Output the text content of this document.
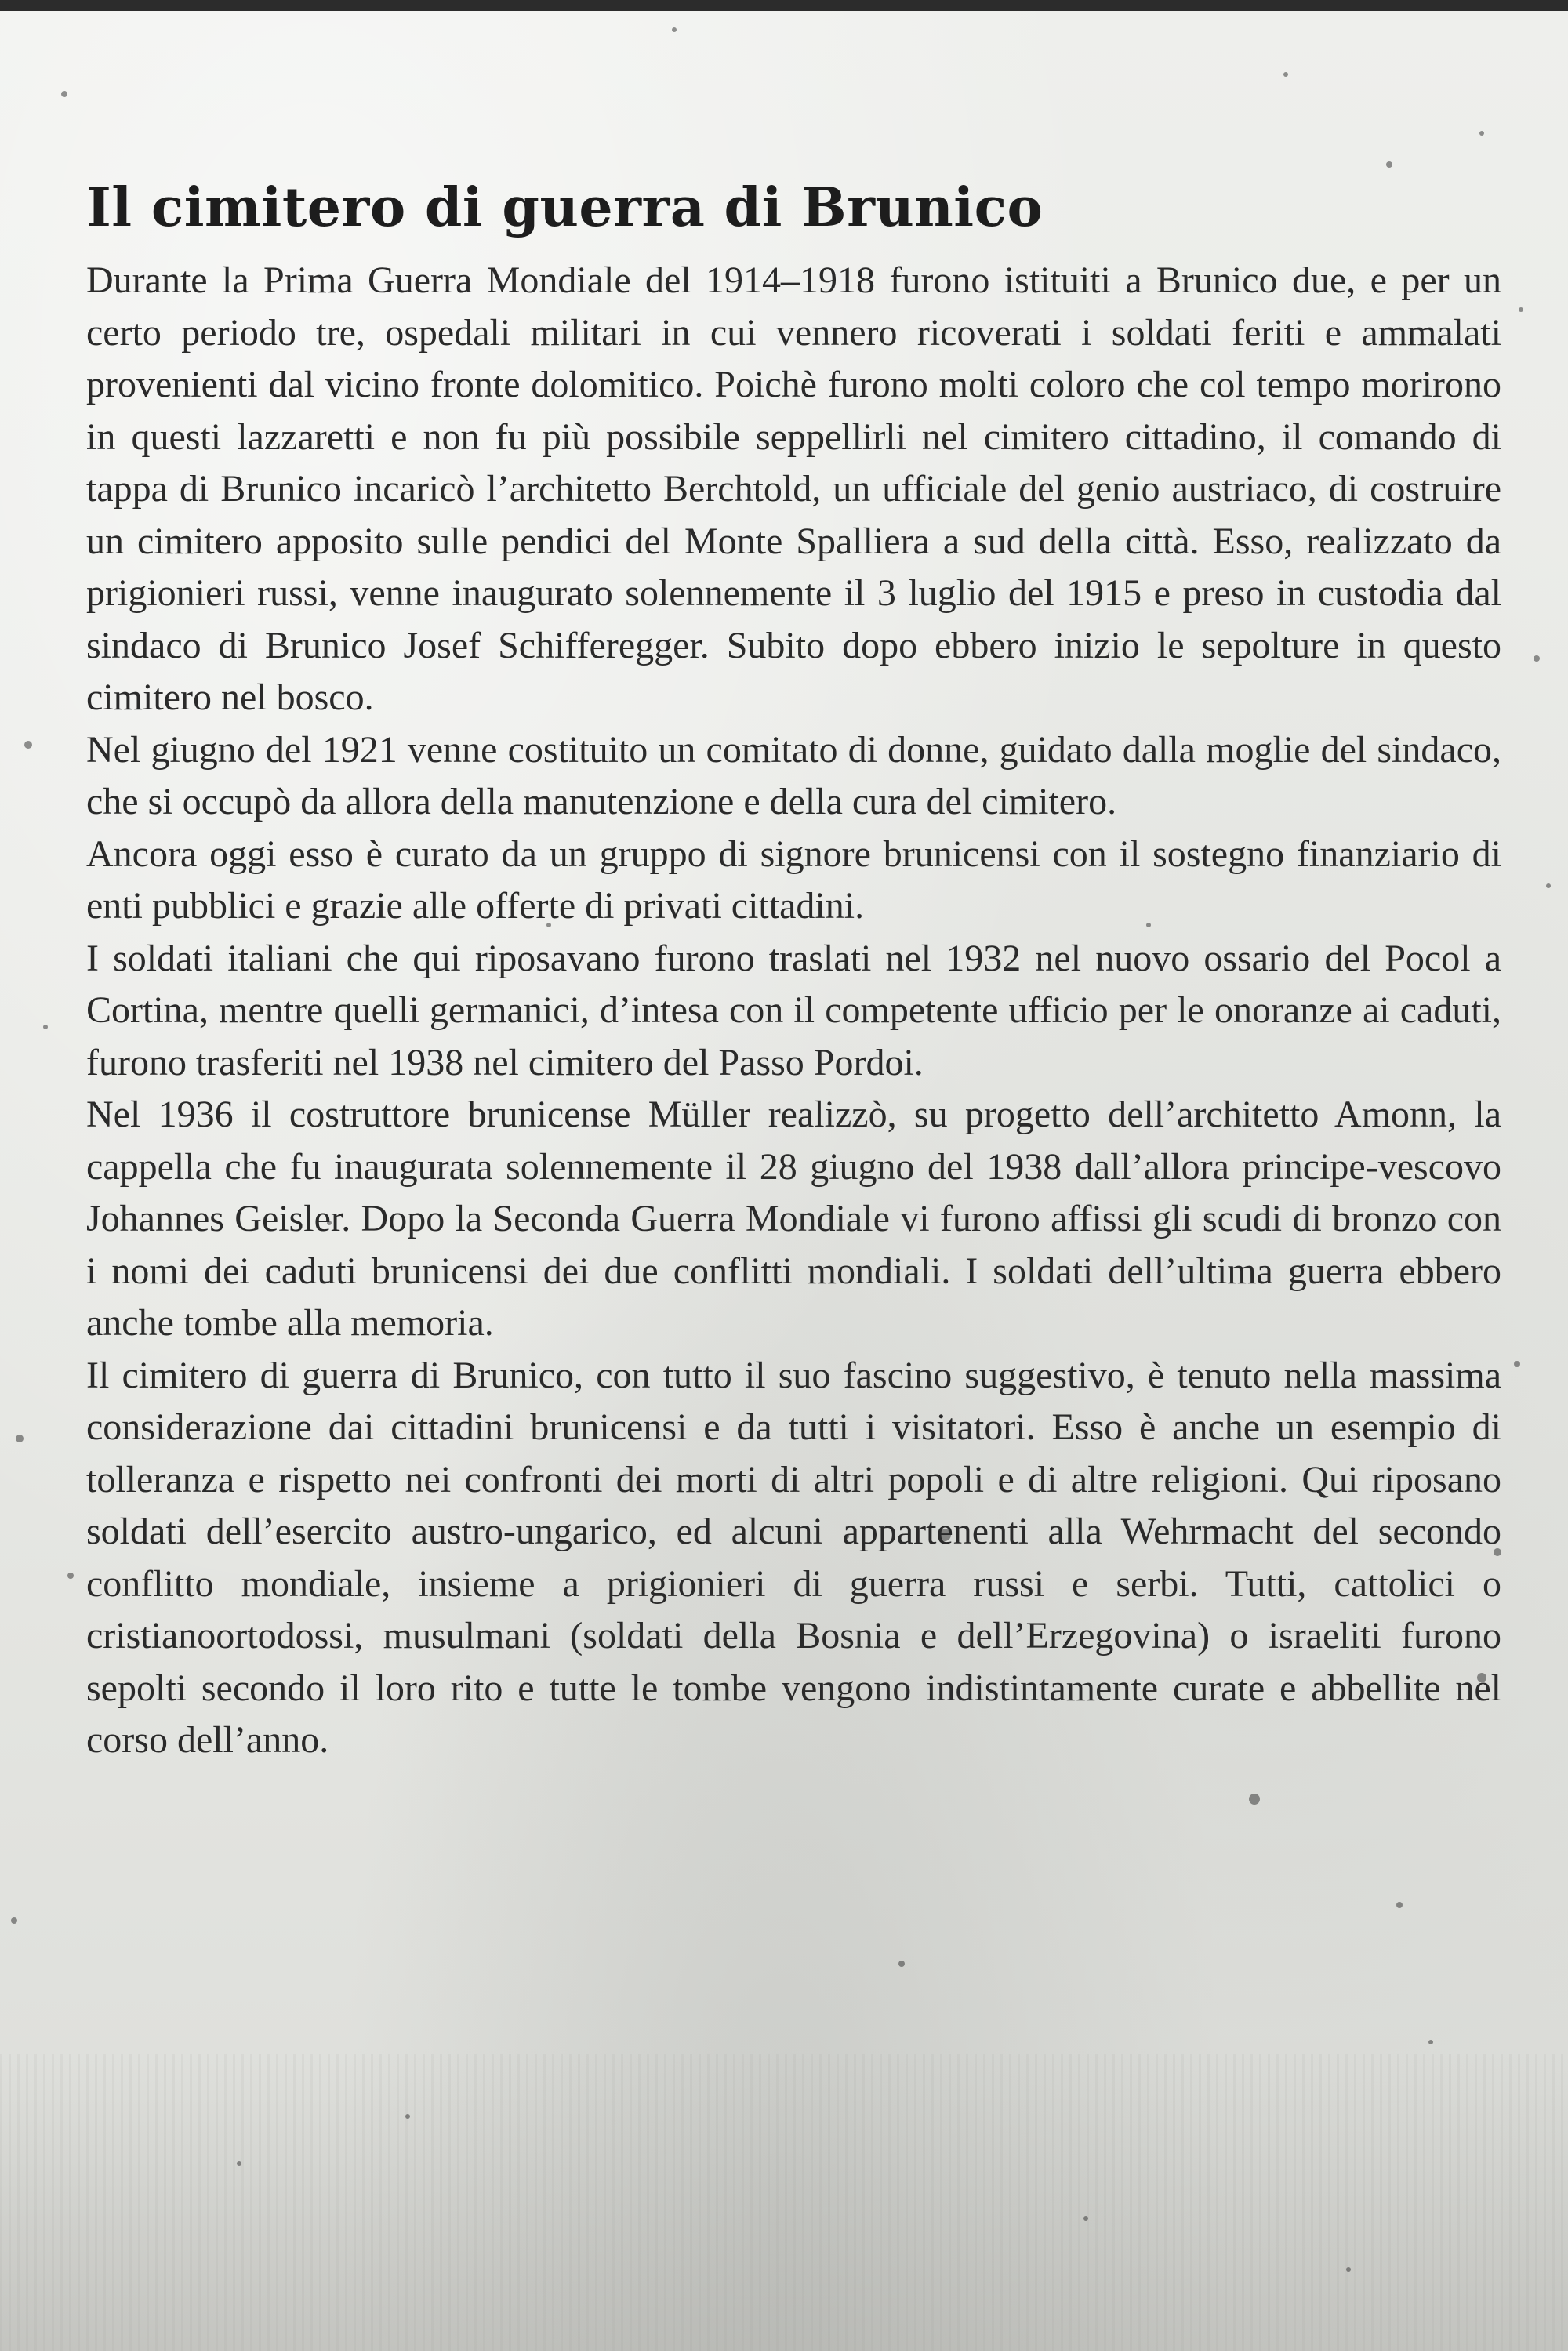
Il cimitero di guerra di Brunico

Durante la Prima Guerra Mondiale del 1914–1918 furono istituiti a Brunico due, e per un certo periodo tre, ospedali militari in cui vennero ricoverati i soldati feriti e ammalati provenienti dal vicino fronte dolomitico. Poichè furono molti coloro che col tempo morirono in questi lazzaretti e non fu più possibile seppellirli nel cimitero cittadino, il comando di tappa di Brunico incaricò l’architetto Berchtold, un ufficiale del genio austriaco, di costruire un cimitero apposito sulle pendici del Monte Spalliera a sud della città. Esso, realizzato da prigionieri russi, venne inaugurato solennemente il 3 luglio del 1915 e preso in custodia dal sindaco di Brunico Josef Schifferegger. Subito dopo ebbero inizio le sepolture in questo cimitero nel bosco.

Nel giugno del 1921 venne costituito un comitato di donne, guidato dalla moglie del sindaco, che si occupò da allora della manutenzione e della cura del cimitero.

Ancora oggi esso è curato da un gruppo di signore brunicensi con il sostegno finanziario di enti pubblici e grazie alle offerte di privati cittadini.

I soldati italiani che qui riposavano furono traslati nel 1932 nel nuovo ossario del Pocol a Cortina, mentre quelli germanici, d’intesa con il competente ufficio per le onoranze ai caduti, furono trasferiti nel 1938 nel cimitero del Passo Pordoi.

Nel 1936 il costruttore brunicense Müller realizzò, su progetto dell’architetto Amonn, la cappella che fu inaugurata solennemente il 28 giugno del 1938 dall’allora principe-vescovo Johannes Geisler. Dopo la Seconda Guerra Mondiale vi furono affissi gli scudi di bronzo con i nomi dei caduti brunicensi dei due conflitti mondiali. I soldati dell’ultima guerra ebbero anche tombe alla memoria.

Il cimitero di guerra di Brunico, con tutto il suo fascino suggestivo, è tenuto nella massima considerazione dai cittadini brunicensi e da tutti i visitatori. Esso è anche un esempio di tolleranza e rispetto nei confronti dei morti di altri popoli e di altre religioni. Qui riposano soldati dell’esercito austro-ungarico, ed alcuni appartenenti alla Wehrmacht del secondo conflitto mondiale, insieme a prigionieri di guerra russi e serbi. Tutti, cattolici o cristianoortodossi, musulmani (soldati della Bosnia e dell’Erzegovina) o israeliti furono sepolti secondo il loro rito e tutte le tombe vengono indistintamente curate e abbellite nel corso dell’anno.
